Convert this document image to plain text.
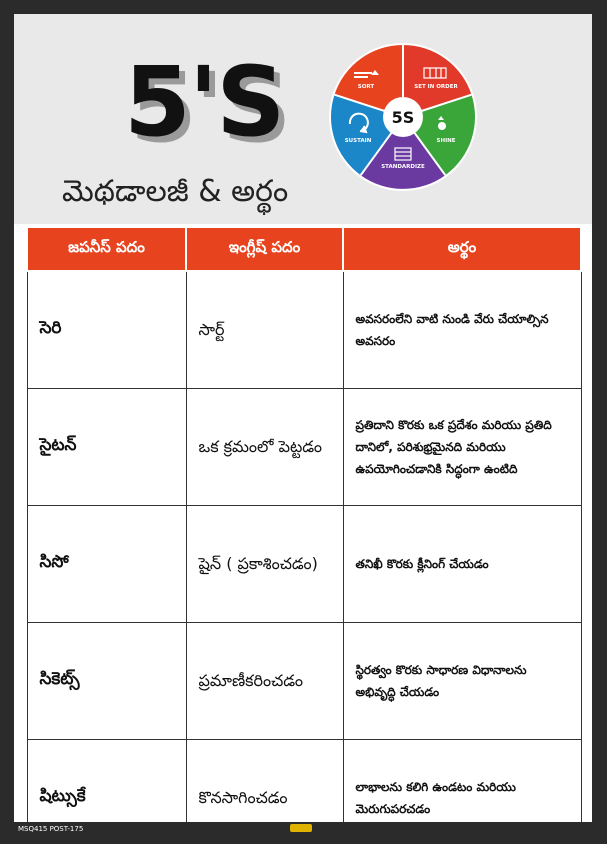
5'S
మెథడాలజీ & అర్థం
5S
SORT	SET IN ORDER
SHINE
STANDARDIZE
SUSTAIN
జపనీస్ పదం	ఇంగ్లీష్ పదం	అర్థం
సెరి	సార్ట్	అవసరంలేని వాటి నుండి వేరు చేయాల్సిన అవసరం
సైటన్	ఒక క్రమంలో పెట్టడం	ప్రతిదాని కొరకు ఒక ప్రదేశం మరియు ప్రతిది దానిలో, పరిశుభ్రమైనది మరియు ఉపయోగించడానికి సిద్ధంగా ఉంటిది
సిసో	షైన్ ( ప్రకాశించడం)	తనిఖీ కొరకు క్లీనింగ్ చేయడం
సికెట్స్	ప్రమాణీకరించడం	స్థిరత్వం కొరకు సాధారణ విధానాలను అభివృద్ధి చేయడం
షిట్సుకే	కొనసాగించడం	లాభాలను కలిగి ఉండటం మరియు మెరుగుపరచడం
MSQ415 POST-175
